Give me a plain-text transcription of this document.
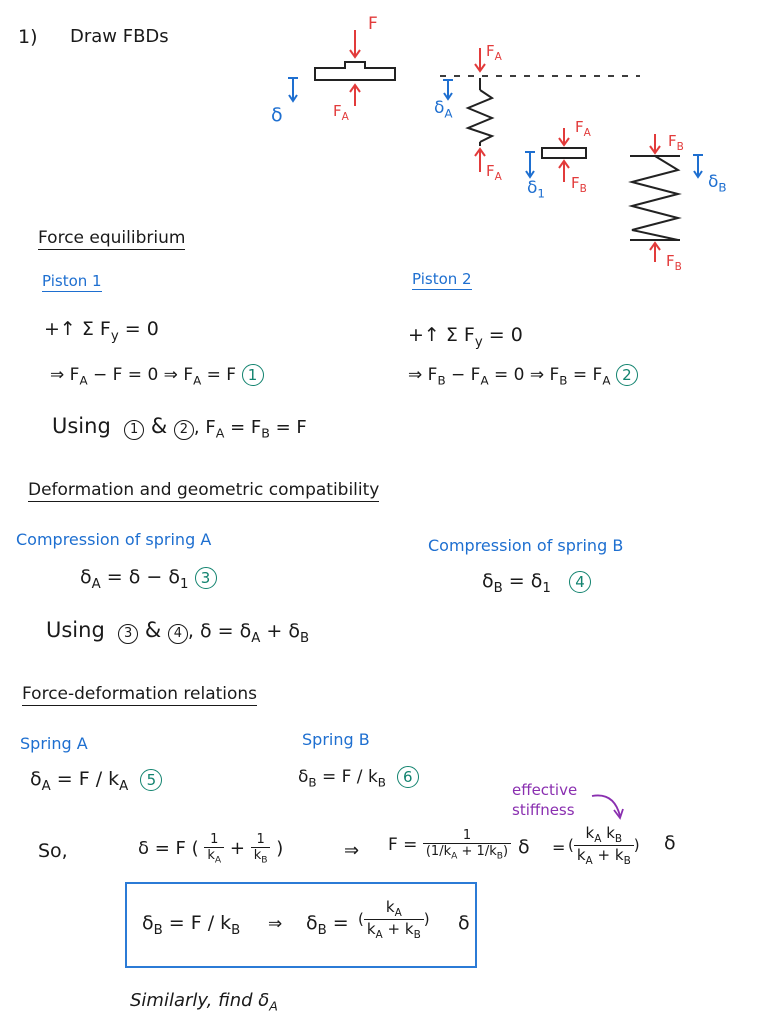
1) Draw FBDs
F
$F_A$
δ
$F_A$
$F_A$
$\delta_A$
$F_A$
$F_B$
$\delta_1$
$F_B$
$F_B$
$\delta_B$
Force equilibrium
Piston 1	Piston 2
+↑ Σ $F_y = 0$	+↑ Σ $F_y = 0$
⇒ $F_A - F = 0$ ⇒ $F_A = F$ 1	⇒ $F_B - F_A = 0$ ⇒ $F_B = F_A$ 2
Using 1 & 2 , $F_A = F_B = F$
Deformation and geometric compatibility
Compression of spring A	Compression of spring B
$\delta_A = \delta - \delta_1$ 3	$\delta_B = \delta_1$ 4
Using 3 & 4 , $\delta = \delta_A + \delta_B$
Force-deformation relations
Spring A	Spring B
$\delta_A = F / k_A$ 5	$\delta_B = F / k_B$ 6
effective stiffness
So,	δ = F ( $\frac{1}{k_A} + \frac{1}{k_B}$ )	⇒ $F = \frac{1}{(1/k_A + 1/k_B)}$ δ = ( $\frac{k_A k_B}{k_A + k_B}$ ) δ
$\delta_B = F / k_B$ ⇒ $\delta_B$ = ( $\frac{k_A}{k_A + k_B}$ ) δ
Similarly, find $\delta_A$
